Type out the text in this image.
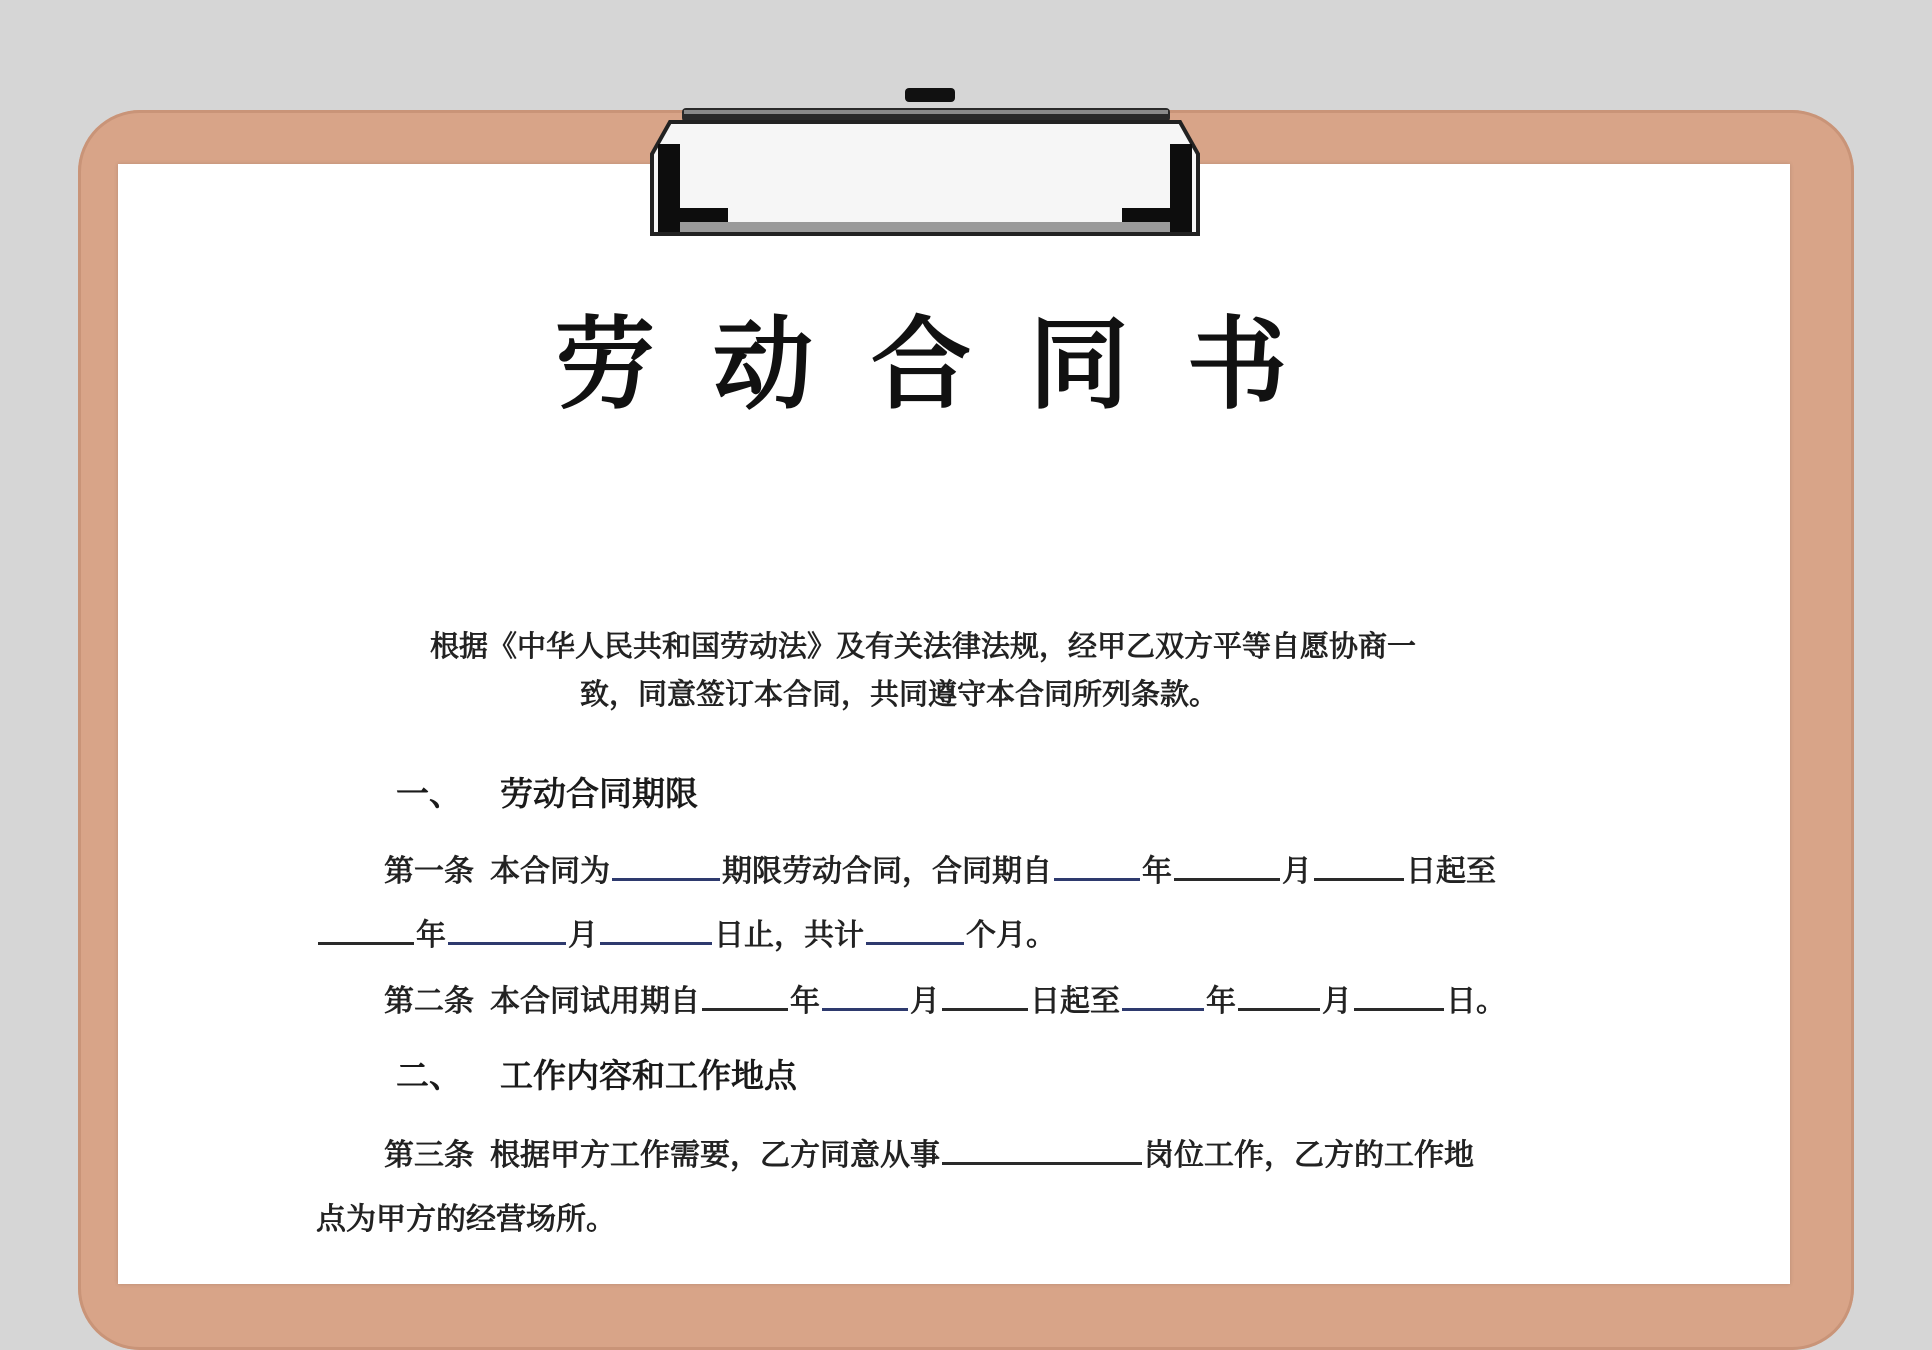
劳动合同书
根据《中华人民共和国劳动法》及有关法律法规，经甲乙双方平等自愿协商一
致，同意签订本合同，共同遵守本合同所列条款。
一、 劳动合同期限
第一条 本合同为	期限劳动合同，合同期自	年	月	日起至
年	月	日止，共计	个月。
第二条 本合同试用期自	年	月	日起至	年	月	日。
二、 工作内容和工作地点
第三条 根据甲方工作需要，乙方同意从事	岗位工作，乙方的工作地
点为甲方的经营场所。
